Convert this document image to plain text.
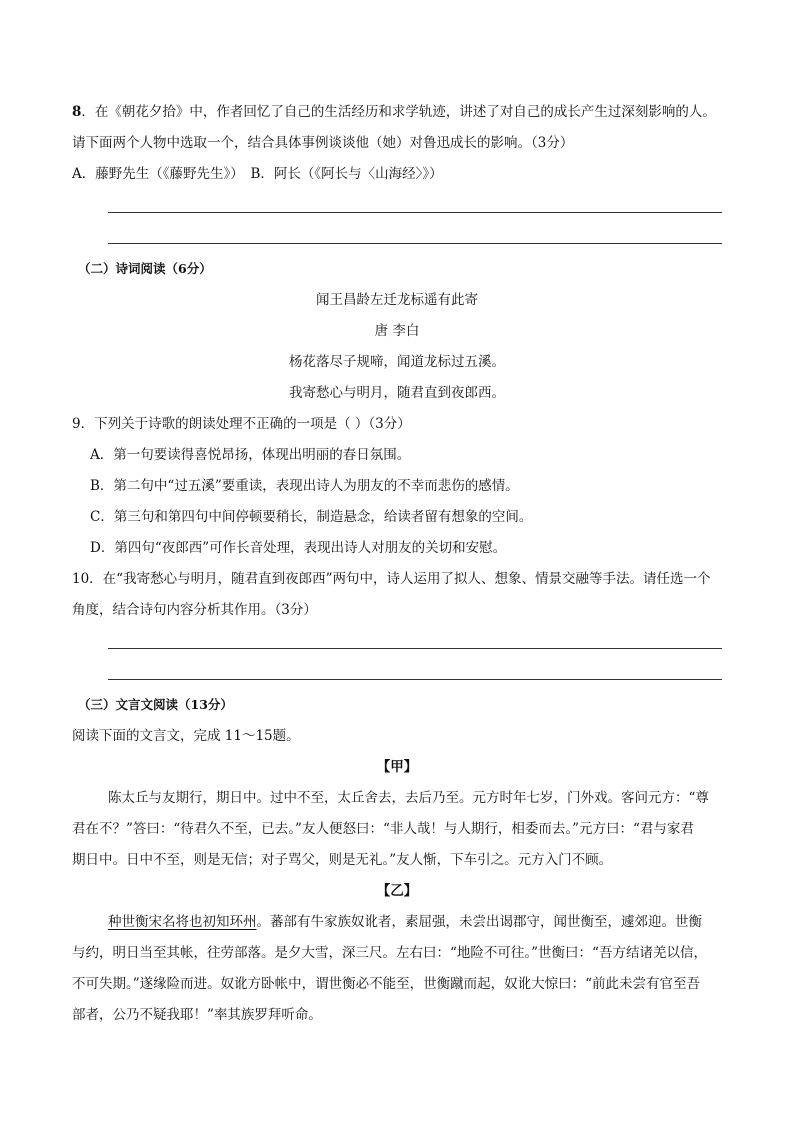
8．在《朝花夕拾》中，作者回忆了自己的生活经历和求学轨迹，讲述了对自己的成长产生过深刻影响的人。
请下面两个人物中选取一个，结合具体事例谈谈他（她）对鲁迅成长的影响。（3分）
A．藤野先生（《藤野先生》）　B．阿长（《阿长与〈山海经〉》）
（二）诗词阅读（6分）
闻王昌龄左迁龙标遥有此寄
唐 李白
杨花落尽子规啼，闻道龙标过五溪。
我寄愁心与明月，随君直到夜郎西。
9．下列关于诗歌的朗读处理不正确的一项是（ ）（3分）
A．第一句要读得喜悦昂扬，体现出明丽的春日氛围。
B．第二句中“过五溪”要重读，表现出诗人为朋友的不幸而悲伤的感情。
C．第三句和第四句中间停顿要稍长，制造悬念，给读者留有想象的空间。
D．第四句“夜郎西”可作长音处理，表现出诗人对朋友的关切和安慰。
10．在“我寄愁心与明月，随君直到夜郎西”两句中，诗人运用了拟人、想象、情景交融等手法。请任选一个
角度，结合诗句内容分析其作用。（3分）
（三）文言文阅读（13分）
阅读下面的文言文，完成 11～15题。
【甲】
陈太丘与友期行，期日中。过中不至，太丘舍去，去后乃至。元方时年七岁，门外戏。客问元方：“尊
君在不？”答曰：“待君久不至，已去。”友人便怒曰：“非人哉！与人期行，相委而去。”元方曰：“君与家君
期日中。日中不至，则是无信；对子骂父，则是无礼。”友人惭，下车引之。元方入门不顾。
【乙】
种世衡宋名将也初知环州。蕃部有牛家族奴讹者，素屈强，未尝出谒郡守，闻世衡至，遽郊迎。世衡
与约，明日当至其帐，往劳部落。是夕大雪，深三尺。左右曰：“地险不可往。”世衡曰：“吾方结诸羌以信，
不可失期。”遂缘险而进。奴讹方卧帐中，谓世衡必不能至，世衡蹴而起，奴讹大惊曰：“前此未尝有官至吾
部者，公乃不疑我耶！”率其族罗拜听命。
